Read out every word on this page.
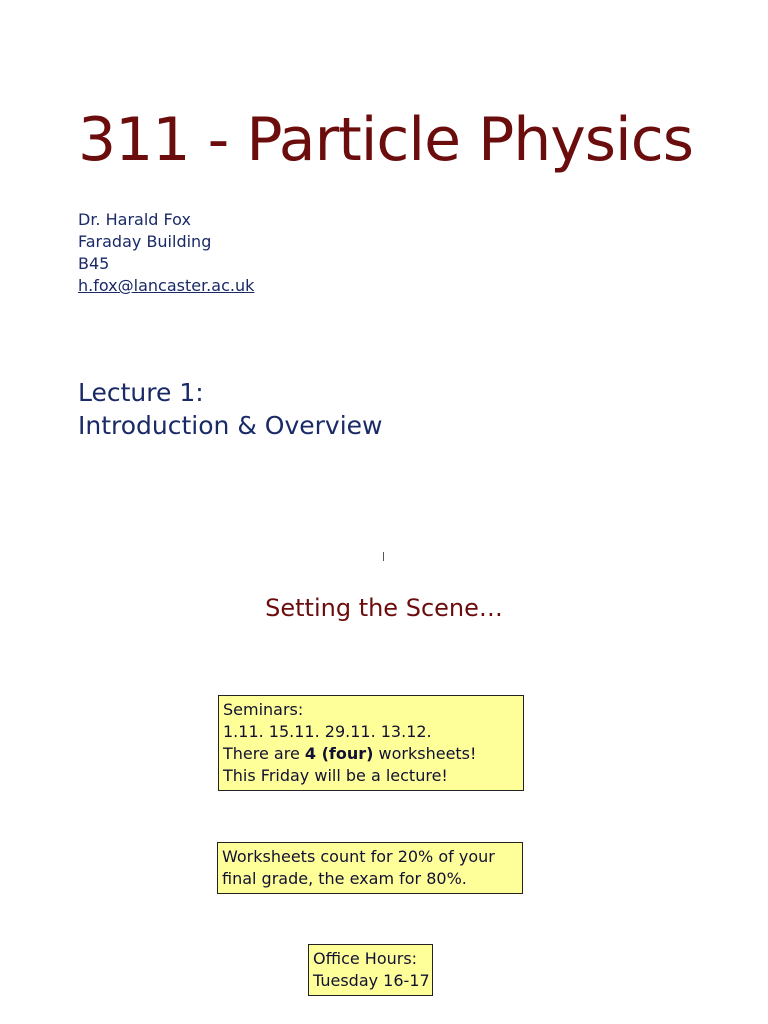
311 - Particle Physics
Dr. Harald Fox
Faraday Building
B45
h.fox@lancaster.ac.uk
Lecture 1:
Introduction & Overview
Setting the Scene…
Seminars:
1.11. 15.11. 29.11. 13.12.
There are 4 (four) worksheets!
This Friday will be a lecture!
Worksheets count for 20% of your
final grade, the exam for 80%.
Office Hours:
Tuesday 16-17
